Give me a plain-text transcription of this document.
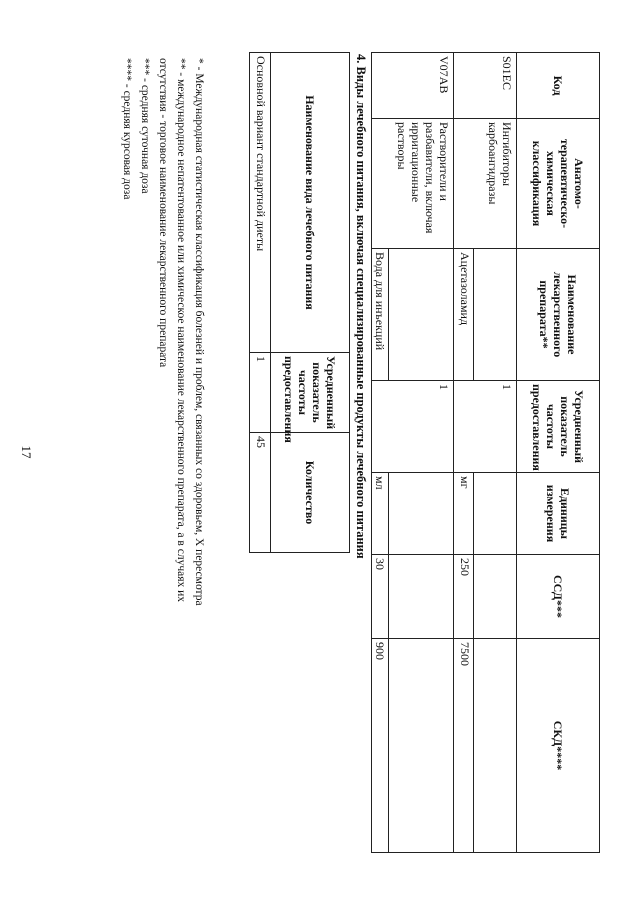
17
Код	Анатомо-терапевтическо-химическая классификация	Наименование лекарственного препарата**	Усредненный показатель частоты предоставления	Единицы измерения	ССД***	СКД****
S01EC	Ингибиторы карбоангидразы	Ацетазоламид	1	мг	250	7500

V07AB	Растворители и разбавители, включая ирригационные растворы	Вода для инъекций	1	мл	30	900
4. Виды лечебного питания, включая специализированные продукты лечебного питания
Наименование вида лечебного питания	Усредненный показатель частоты предоставления	Количество
Основной вариант стандартной диеты	1	45
* - Международная статистическая классификация болезней и проблем, связанных со здоровьем, X пересмотра
** - международное непатентованное или химическое наименование лекарственного препарата, а в случаях их
отсутствия - торговое наименование лекарственного препарата
*** - средняя суточная доза
**** - средняя курсовая доза
